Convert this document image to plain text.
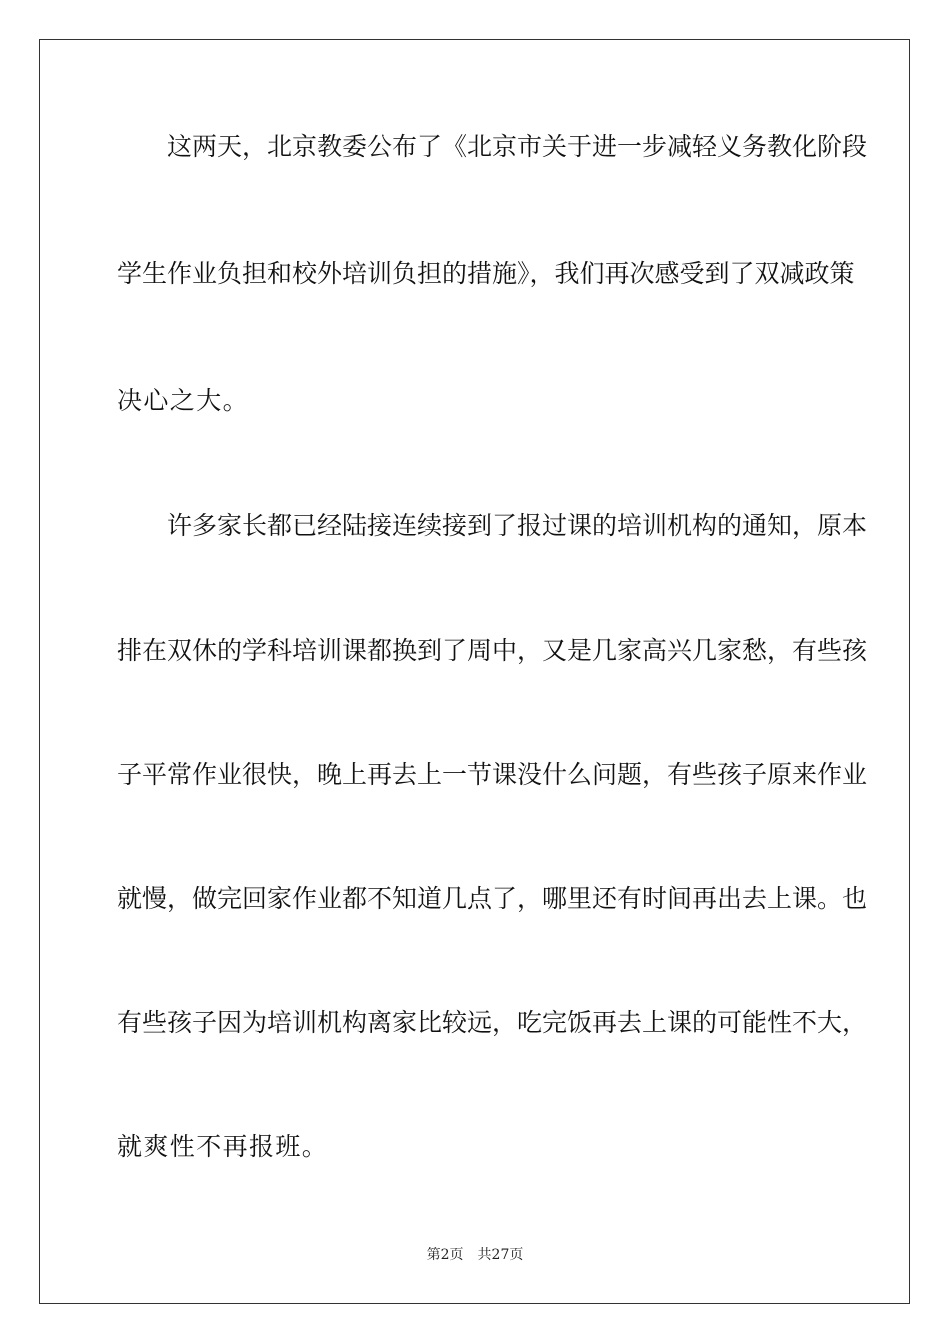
　　这两天，北京教委公布了《北京市关于进一步减轻义务教化阶段
学生作业负担和校外培训负担的措施》，我们再次感受到了双减政策
决心之大。
　　许多家长都已经陆接连续接到了报过课的培训机构的通知，原本
排在双休的学科培训课都换到了周中，又是几家高兴几家愁，有些孩
子平常作业很快，晚上再去上一节课没什么问题，有些孩子原来作业
就慢，做完回家作业都不知道几点了，哪里还有时间再出去上课。也
有些孩子因为培训机构离家比较远，吃完饭再去上课的可能性不大，
就爽性不再报班。
第2页 共27页
